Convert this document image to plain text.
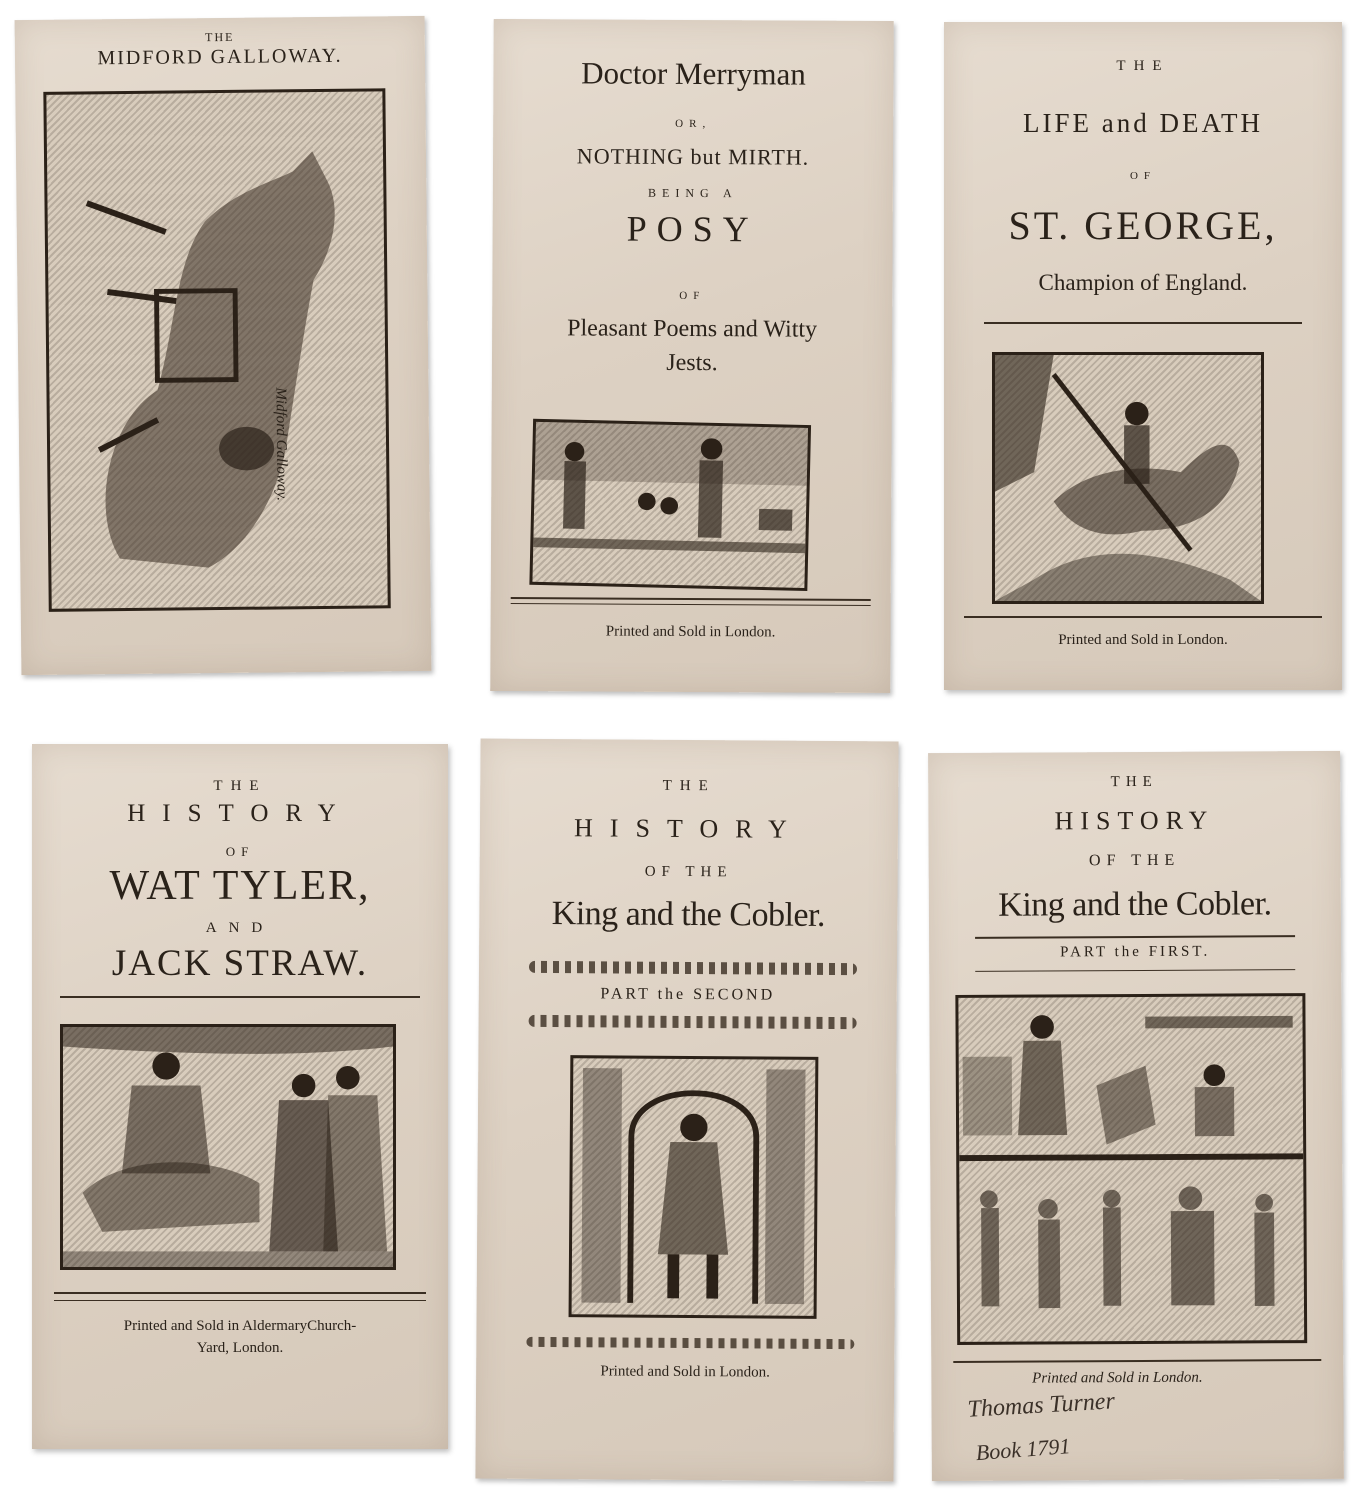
THE
MIDFORD GALLOWAY.
Midford Galloway.
Doctor Merryman
OR,
NOTHING but MIRTH.
BEING A
POSY
OF
Pleasant Poems and Witty
Jests.
Printed and Sold in London.
THE
LIFE and DEATH
OF
ST. GEORGE,
Champion of England.
Printed and Sold in London.
THE
HISTORY
OF
WAT TYLER,
AND
JACK STRAW.
Printed and Sold in AldermaryChurch-
Yard, London.
THE
HISTORY
OF THE
King and the Cobler.
PART the SECOND
Printed and Sold in London.
THE
HISTORY
OF THE
King and the Cobler.
PART the FIRST.
Printed and Sold in London.
Thomas Turner
Book 1791
